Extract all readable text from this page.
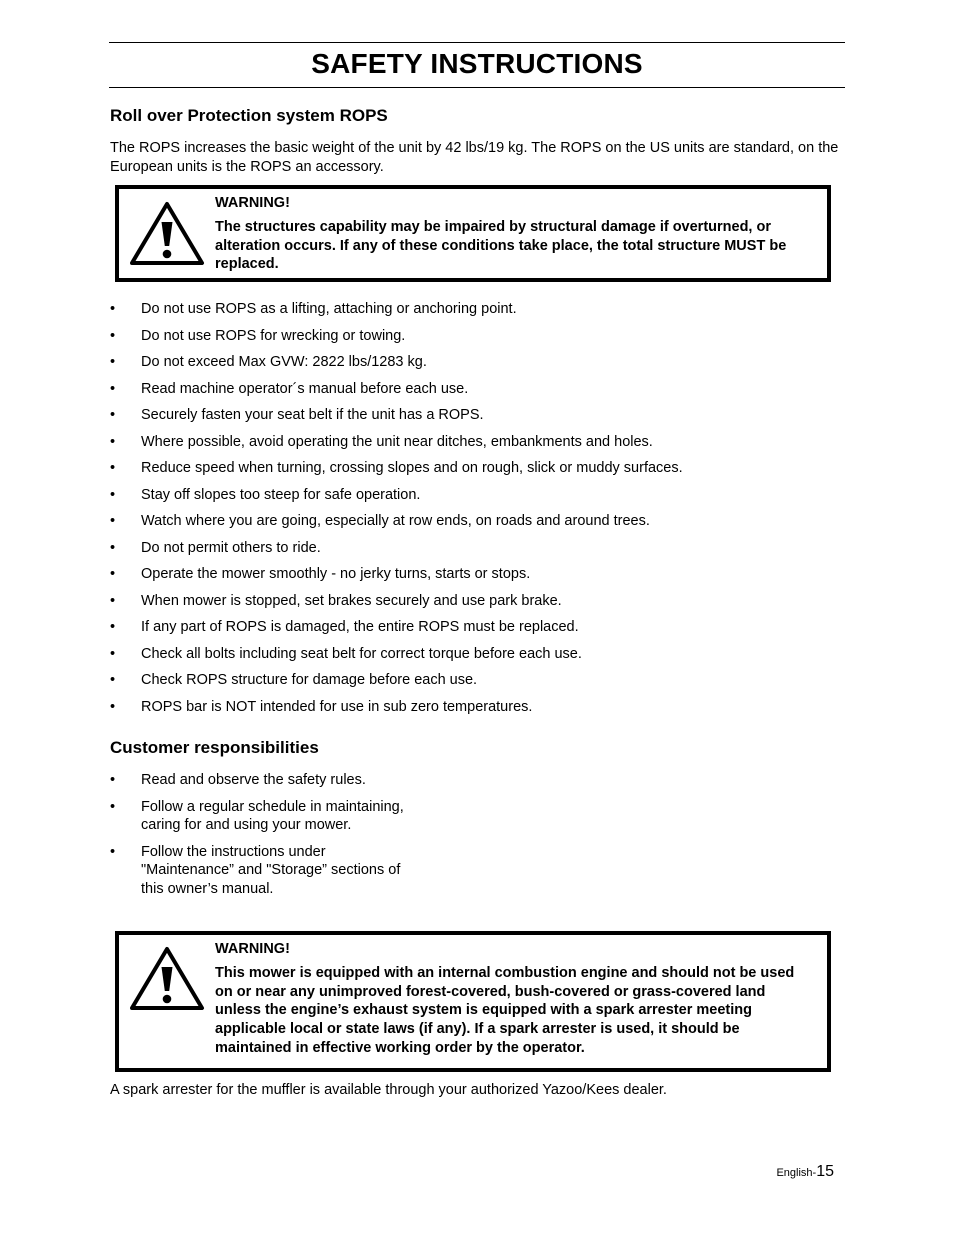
SAFETY INSTRUCTIONS
Roll over Protection system ROPS
The ROPS increases the basic weight of the unit by 42 lbs/19 kg. The ROPS on the US units are standard, on the European units is the ROPS an accessory.
WARNING!
The structures capability may be impaired by structural damage if overturned, or alteration occurs. If any of these conditions take place, the total structure MUST be replaced.
• Do not use ROPS as a lifting, attaching or anchoring point.
• Do not use ROPS for wrecking or towing.
• Do not exceed Max GVW: 2822 lbs/1283 kg.
• Read machine operator´s manual before each use.
• Securely fasten your seat belt if the unit has a ROPS.
• Where possible, avoid operating the unit near ditches, embankments and holes.
• Reduce speed when turning, crossing slopes and on rough, slick or muddy surfaces.
• Stay off slopes too steep for safe operation.
• Watch where you are going, especially at row ends, on roads and around trees.
• Do not permit others to ride.
• Operate the mower smoothly - no jerky turns, starts or stops.
• When mower is stopped, set brakes securely and use park brake.
• If any part of ROPS is damaged, the entire ROPS must be replaced.
• Check all bolts including seat belt for correct torque before each use.
• Check ROPS structure for damage before each use.
• ROPS bar is NOT intended for use in sub zero temperatures.
Customer responsibilities
• Read and observe the safety rules.
• Follow a regular schedule in maintaining,
caring for and using your mower.
• Follow the instructions under
"Maintenance” and "Storage” sections of
this owner’s manual.
WARNING!
This mower is equipped with an internal combustion engine and should not be used on or near any unimproved forest-covered, bush-covered or grass-covered land unless the engine’s exhaust system is equipped with a spark arrester meeting applicable local or state laws (if any). If a spark arrester is used, it should be maintained in effective working order by the operator.
A spark arrester for the muffler is available through your authorized Yazoo/Kees dealer.
English-15
